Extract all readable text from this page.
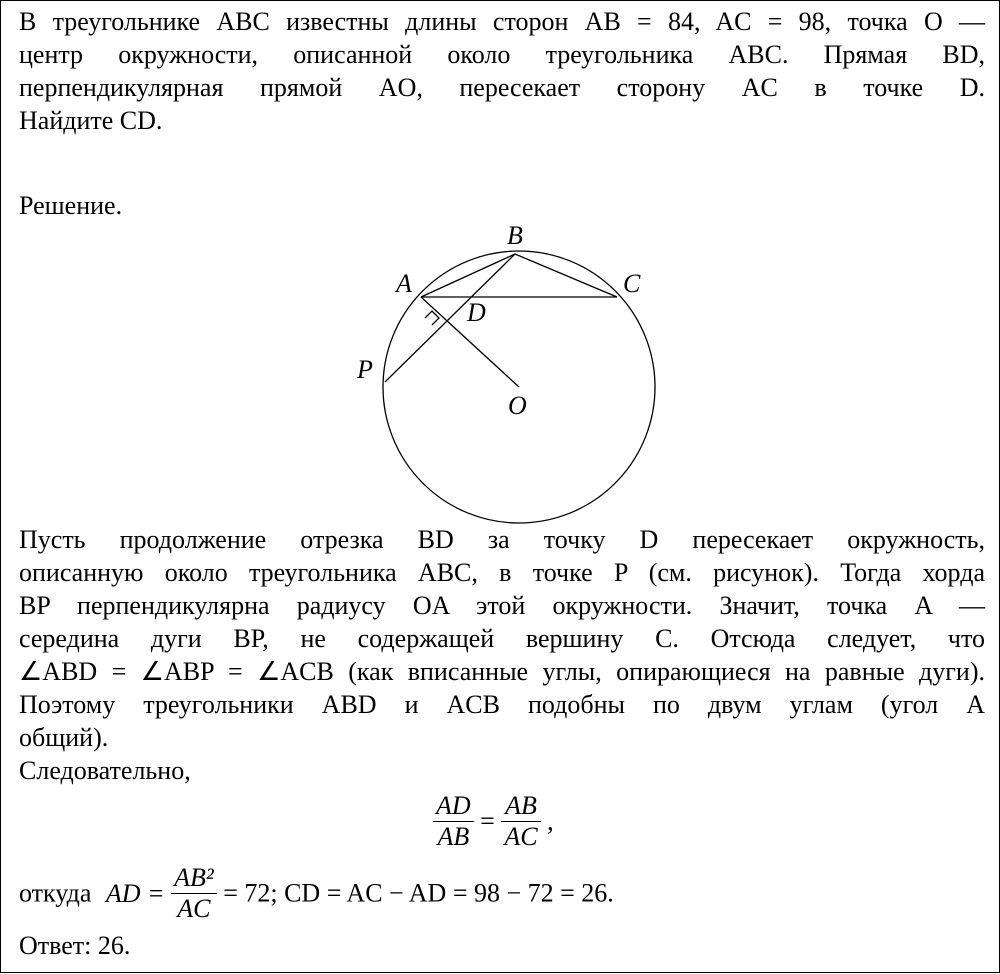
В треугольнике ABC известны длины сторон AB = 84, AC = 98, точка O —
центр окружности, описанной около треугольника ABC. Прямая BD,
перпендикулярная прямой AO, пересекает сторону AC в точке D.
Найдите CD.
Решение.
B
A	C
D
P
O
Пусть продолжение отрезка BD за точку D пересекает окружность,
описанную около треугольника ABC, в точке P (см. рисунок). Тогда хорда
BP перпендикулярна радиусу OA этой окружности. Значит, точка A —
середина дуги BP, не содержащей вершину C. Отсюда следует, что
∠ABD = ∠ABP = ∠ACB (как вписанные углы, опирающиеся на равные дуги).
Поэтому треугольники ABD и ACB подобны по двум углам (угол A
общий).
Следовательно,
$\frac{AD}{AB} = \frac{AB}{AC}$ ,
откуда AD = $\frac{\text{AB²}}{AC} = 72$; CD = AC − AD = 98 − 72 = 26.
Ответ: 26.
